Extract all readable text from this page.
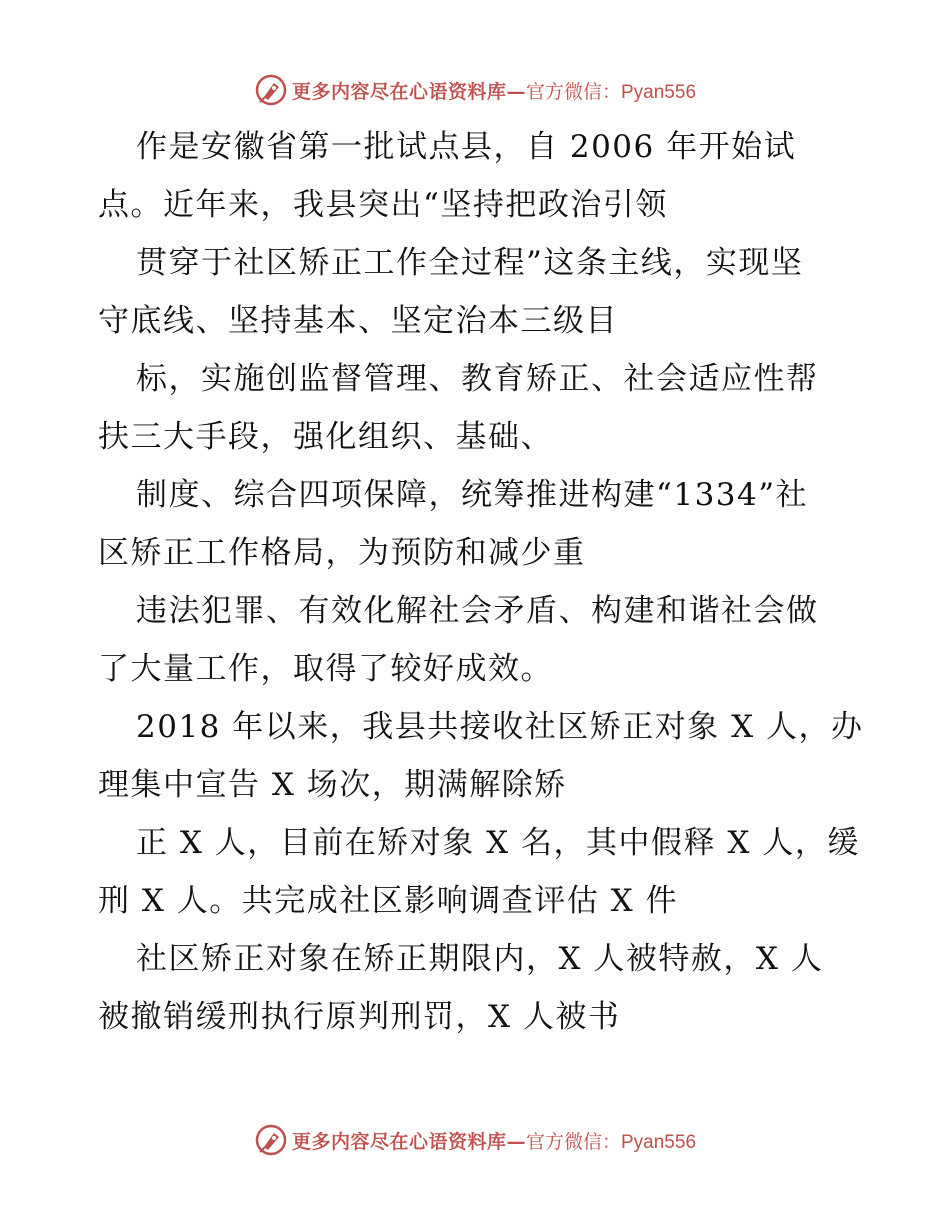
更多内容尽在心语资料库— 官方微信：Pyan556
作是安徽省第一批试点县，自 2006 年开始试
点。近年来，我县突出“坚持把政治引领
贯穿于社区矫正工作全过程”这条主线，实现坚
守底线、坚持基本、坚定治本三级目
标，实施创监督管理、教育矫正、社会适应性帮
扶三大手段，强化组织、基础、
制度、综合四项保障，统筹推进构建“1334”社
区矫正工作格局，为预防和减少重
违法犯罪、有效化解社会矛盾、构建和谐社会做
了大量工作，取得了较好成效。
2018 年以来，我县共接收社区矫正对象 X 人，办
理集中宣告 X 场次，期满解除矫
正 X 人，目前在矫对象 X 名，其中假释 X 人，缓
刑 X 人。共完成社区影响调查评估 X 件
社区矫正对象在矫正期限内，X 人被特赦，X 人
被撤销缓刑执行原判刑罚，X 人被书
更多内容尽在心语资料库— 官方微信：Pyan556
